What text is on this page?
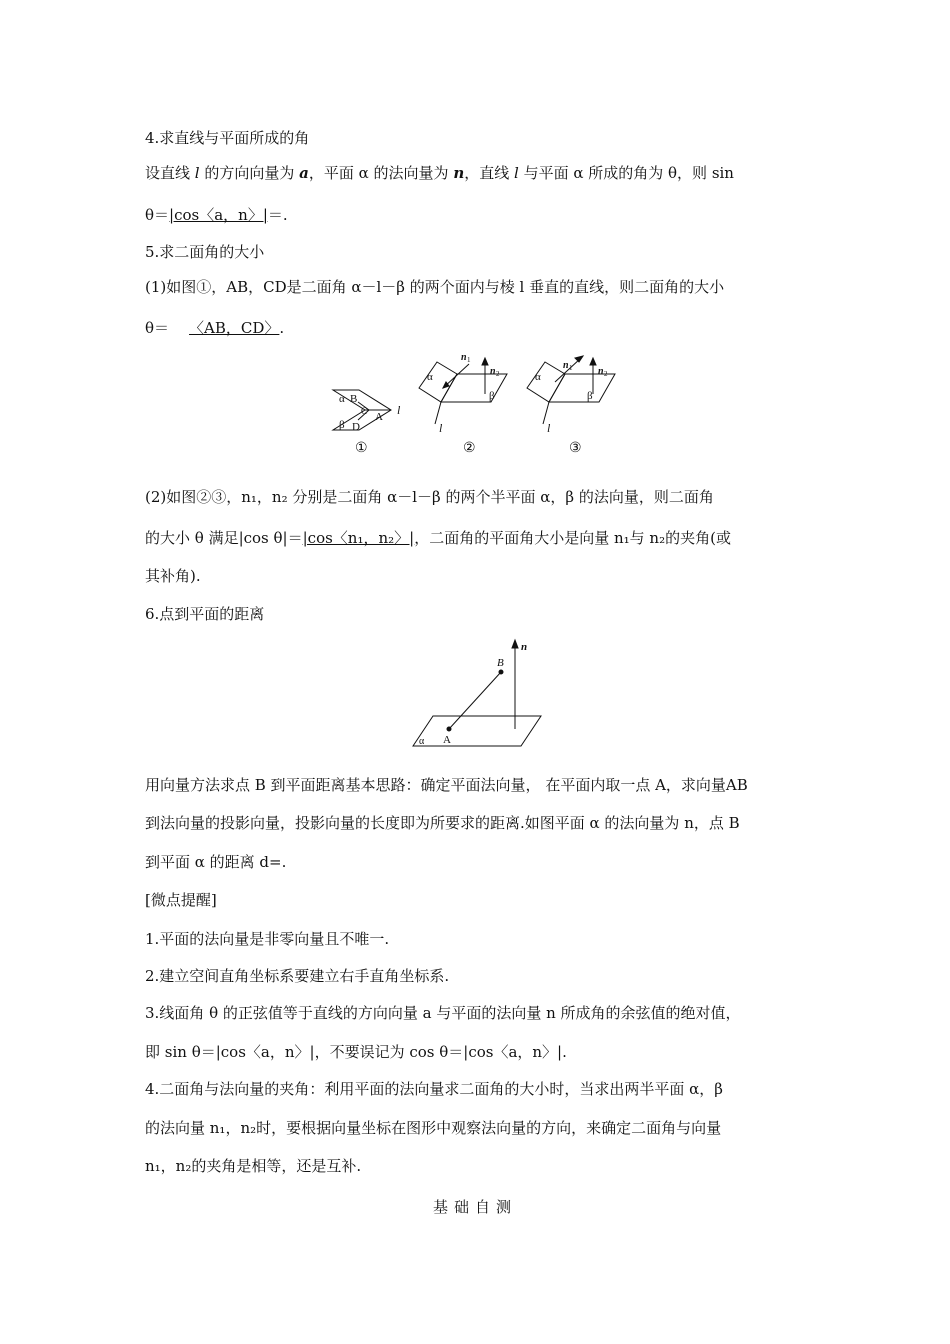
4.求直线与平面所成的角
设直线 l 的方向向量为 a，平面 α 的法向量为 n，直线 l 与平面 α 所成的角为 θ，则 sin
θ＝|cos〈a，n〉|＝.
5.求二面角的大小
(1)如图①，AB，CD是二面角 α－l－β 的两个面内与棱 l 垂直的直线，则二面角的大小
θ＝ 〈AB，CD〉.
α B
C A
β D
l
①
α
n 1
n 2
β
l
②
α
n 1	n 2
β
l
③
(2)如图②③，n₁，n₂ 分别是二面角 α－l－β 的两个半平面 α，β 的法向量，则二面角
的大小 θ 满足|cos θ|＝|cos〈n₁，n₂〉|，二面角的平面角大小是向量 n₁与 n₂的夹角(或
其补角).
6.点到平面的距离
n
B
A
α
用向量方法求点 B 到平面距离基本思路：确定平面法向量， 在平面内取一点 A，求向量AB
到法向量的投影向量，投影向量的长度即为所要求的距离.如图平面 α 的法向量为 n，点 B
到平面 α 的距离 d=.
[微点提醒]
1.平面的法向量是非零向量且不唯一.
2.建立空间直角坐标系要建立右手直角坐标系.
3.线面角 θ 的正弦值等于直线的方向向量 a 与平面的法向量 n 所成角的余弦值的绝对值，
即 sin θ＝|cos〈a，n〉|，不要误记为 cos θ＝|cos〈a，n〉|.
4.二面角与法向量的夹角：利用平面的法向量求二面角的大小时，当求出两半平面 α，β
的法向量 n₁，n₂时，要根据向量坐标在图形中观察法向量的方向，来确定二面角与向量
n₁，n₂的夹角是相等，还是互补.
基础自测
